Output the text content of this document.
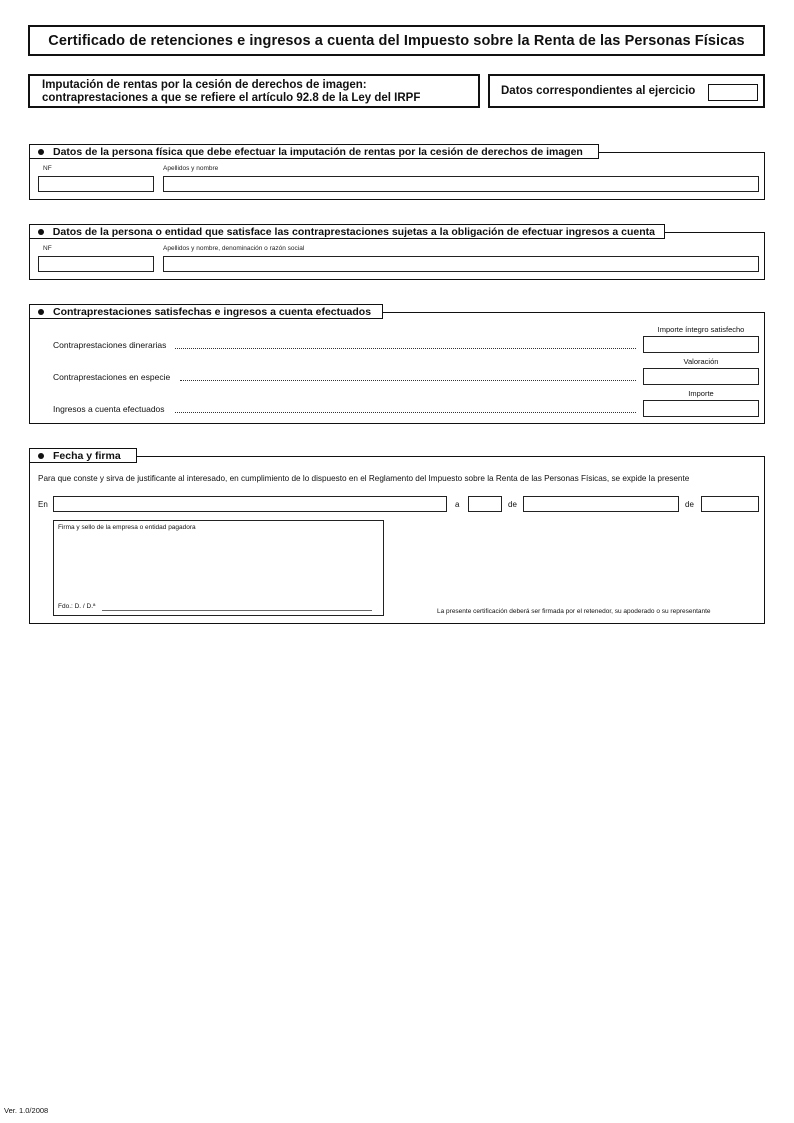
Certificado de retenciones e ingresos a cuenta del Impuesto sobre la Renta de las Personas Físicas
Imputación de rentas por la cesión de derechos de imagen:
contraprestaciones a que se refiere el artículo 92.8 de la Ley del IRPF
Datos correspondientes al ejercicio
Datos de la persona física que debe efectuar la imputación de rentas por la cesión de derechos de imagen
NF	Apellidos y nombre
Datos de la persona o entidad que satisface las contraprestaciones sujetas a la obligación de efectuar ingresos a cuenta
NF	Apellidos y nombre, denominación o razón social
Contraprestaciones satisfechas e ingresos a cuenta efectuados
Importe íntegro satisfecho
Contraprestaciones dinerarias
Valoración
Contraprestaciones en especie
Importe
Ingresos a cuenta efectuados
Fecha y firma
Para que conste y sirva de justificante al interesado, en cumplimiento de lo dispuesto en el Reglamento del Impuesto sobre la Renta de las Personas Físicas, se expide la presente
En	a	de	de
Firma y sello de la empresa o entidad pagadora
Fdo.: D. / D.ª
La presente certificación deberá ser firmada por el retenedor, su apoderado o su representante
Ver. 1.0/2008
